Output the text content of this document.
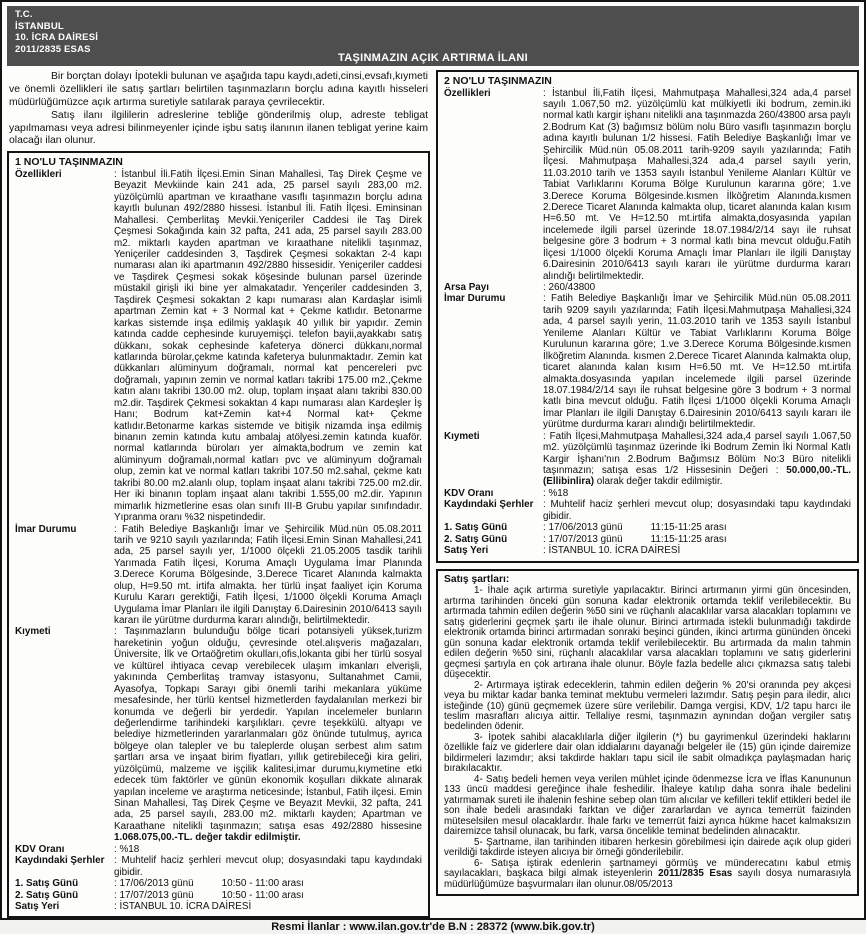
T.C.
İSTANBUL
10. İCRA DAİRESİ
2011/2835 ESAS
TAŞINMAZIN AÇIK ARTIRMA İLANI

Bir borçtan dolayı İpotekli bulunan ve aşağıda tapu kaydı,adeti,cinsi,evsafı,kıymeti ve önemli özellikleri ile satış şartları belirtilen taşınmazların borçlu adına kayıtlı hisseleri müdürlüğümüzce açık artırma suretiyle satılarak paraya çevrilecektir.

Satış ilanı ilgililerin adreslerine tebliğe gönderilmiş olup, adreste tebligat yapılmaması veya adresi bilinmeyenler içinde işbu satış ilanının ilanen tebligat yerine kaim olacağı ilan olunur.

1 NO'LU TAŞINMAZIN
Özellikleri	: İstanbul İli.Fatih İlçesi.Emin Sinan Mahallesi, Taş Direk Çeşme ve Beyazit Mevkiinde kain 241 ada, 25 parsel sayılı 283,00 m2. yüzölçümlü apartman ve kıraathane vasıflı taşınmazın borçlu adına kayıtlı bulunan 492/2880 hissesi. İstanbul İli. Fatih İlçesi. Eminsinan Mahallesi. Çemberlitaş Mevkii.Yeniçeriler Caddesi ile Taş Direk Çeşmesi Sokağında kain 32 pafta, 241 ada, 25 parsel sayılı 283.00 m2. miktarlı kayden apartman ve kıraathane nitelikli taşınmaz, Yeniçeriler caddesinden 3, Taşdirek Çeşmesi sokaktan 2-4 kapı numarası alan iki apartmanın 492/2880 hissesidir. Yeniçeriler caddesi ve Taşdirek Çeşmesi sokak köşesinde bulunan parsel üzerinde müstakil girişli iki bine yer almakatadır. Yençeriler caddesinden 3, Taşdirek Çeşmesi sokaktan 2 kapı numarası alan Kardaşlar isimli apartman Zemin kat + 3 Normal kat + Çekme katlıdır. Betonarme karkas sistemde inşa edilmiş yaklaşık 40 yıllık bir yapıdır. Zemin katında cadde cephesinde kuruyemişçi. telefon bayii,ayakkabı satış dükkanı, sokak cephesinde kafeterya dönerci dükkanı,normal katlarında bürolar,çekme katında kafeterya bulunmaktadır. Zemin kat dükkanları alüminyum doğramalı, normal kat pencereleri pvc doğramalı, yapının zemin ve normal katları takribi 175.00 m2.,Çekme katın alanı takribi 130.00 m2. olup, toplam inşaat alanı takribi 830.00 m2.dir. Taşdirek Çekmesi sokaktan 4 kapı numarası alan Kardeşler İş Hanı; Bodrum kat+Zemin kat+4 Normal kat+ Çekme katlıdır.Betonarme karkas sistemde ve bitişik nizamda inşa edilmiş binanın zemin katında kutu ambalaj atölyesi.zemin katında kuaför. normal katlarında büroları yer almakta,bodrum ve zemin kat alüminyum doğramalı,normal katları pvc ve alüminyum doğramalı olup, zemin kat ve normal katları takribi 107.50 m2.sahal, çekme katı takribi 80.00 m2.alanlı olup, toplam inşaat alanı takribi 725.00 m2.dir. Her iki binanın toplam inşaat alanı takribi 1.555,00 m2.dir. Yapının mimarlık hizmetlerine esas olan sınıfı III-B Grubu yapılar sınıfındadır. Yıpranma oranı %32 nispetindedir.
İmar Durumu	: Fatih Belediye Başkanlığı İmar ve Şehircilik Müd.nün 05.08.2011 tarih ve 9210 sayılı yazılarında; Fatih İlçesi.Emin Sinan Mahallesi,241 ada, 25 parsel sayılı yer, 1/1000 ölçekli 21.05.2005 tasdik tarihli Yarımada Fatih İlçesi, Koruma Amaçlı Uygulama İmar Planında 3.Derece Koruma Bölgesinde, 3.Derece Ticaret Alanında kalmakta olup, H=9.50 mt. irtifa almakta. her türlü inşat faaliyet için Koruma Kurulu Kararı gerektiği, Fatih İlçesi, 1/1000 ölçekli Koruma Amaçlı Uygulama İmar Planları ile ilgili Danıştay 6.Dairesinin 2010/6413 sayılı kararı ile yürütme durdurma kararı alındığı, belirtilmektedir.
Kıymeti	: Taşınmazların bulunduğu bölge ticari potansiyeli yüksek,turizm hareketinin yoğun olduğu, çevresinde otel.alışveris mağazaları, Üniversite, İlk ve Ortaöğretim okulları,ofis,lokanta gibi her türlü sosyal ve kültürel ihtiyaca cevap verebilecek ulaşım imkanları elverişli, yakınında Çemberlitaş tramvay istasyonu, Sultanahmet Camii, Ayasofya, Topkapı Sarayı gibi önemli tarihi mekanlara yüküme mesafesinde, her türlü kentsel hizmetlerden faydalanılan merkezi bir konumda ve değerli bir yerdedir. Yapılan incelemeler bunların değerlendirme tarihindeki karşılıkları. çevre teşekkülü. altyapı ve belediye hizmetlerinden yararlanmaları göz önünde tutulmuş, ayrıca bölgeye olan talepler ve bu taleplerde oluşan serbest alım satım şartları arsa ve inşaat birim fiyatları, yıllık getirebileceği kira geliri, yüzölçümü, malzeme ve işçilik kalitesi,imar durumu,kıymetine etki edecek tüm faktörler ve günün ekonomik koşulları dikkate alınarak yapılan inceleme ve araştırma neticesinde; İstanbul, Fatih ilçesi. Emin Sinan Mahallesi, Taş Direk Çeşme ve Beyazıt Mevkii, 32 pafta, 241 ada, 25 parsel sayılı, 283.00 m2. miktarlı kayden; Apartman ve Karaathane nitelikli taşınmazın; satışa esas 492/2880 hissesine 1.068.075,00.-TL. değer takdir edilmiştir.
KDV Oranı	: %18
Kaydındaki Şerhler : Muhtelif haciz şerhleri mevcut olup; dosyasındaki tapu kaydındaki gibidir.
1. Satış Günü	: 17/06/2013 günü	10:50 - 11:00 arası
2. Satış Günü	: 17/07/2013 günü	10:50 - 11:00 arası
Satış Yeri	: İSTANBUL 10. İCRA DAİRESİ
2 NO'LU TAŞINMAZIN
Özellikleri	: İstanbul İli,Fatih İlçesi, Mahmutpaşa Mahallesi,324 ada,4 parsel sayılı 1.067,50 m2. yüzölçümlü kat mülkiyetli iki bodrum, zemin.iki normal katlı kargir işhanı nitelikli ana taşınmazda 260/43800 arsa paylı 2.Bodrum Kat (3) bağımsız bölüm nolu Büro vasıflı taşınmazın borçlu adına kayıtlı bulunan 1/2 hissesi. Fatih Belediye Başkanlığı İmar ve Şehircilik Müd.nün 05.08.2011 tarih-9209 sayılı yazılarında; Fatih İlçesi. Mahmutpaşa Mahallesi,324 ada,4 parsel sayılı yerin, 11.03.2010 tarih ve 1353 sayılı İstanbul Yenileme Alanları Kültür ve Tabiat Varlıklarını Koruma Bölge Kurulunun kararına göre; 1.ve 3.Derece Koruma Bölgesinde.kısmen İlköğretim Alanında.kısmen 2.Derece Ticaret Alanında kalmakta olup, ticaret alanında kalan kısım H=6.50 mt. Ve H=12.50 mt.irtifa almakta,dosyasında yapılan incelemede ilgili parsel üzerinde 18.07.1984/2/14 sayı ile ruhsat belgesine göre 3 bodrum + 3 normal katlı bina mevcut olduğu.Fatih İlçesi 1/1000 ölçekli Koruma Amaçlı İmar Planları ile ilgili Danıştay 6.Dairesinin 2010/6413 sayılı kararı ile yürütme durdurma kararı alındığı belirtilmektedir.
Arsa Payı	: 260/43800
İmar Durumu	: Fatih Belediye Başkanlığı İmar ve Şehircilik Müd.nün 05.08.2011 tarih 9209 sayılı yazılarında; Fatih İlçesi.Mahmutpaşa Mahallesi,324 ada, 4 parsel sayılı yerin, 11.03.2010 tarih ve 1353 sayılı İstanbul Yenileme Alanları Kültür ve Tabiat Varlıklarını Koruma Bölge Kurulunun kararına göre; 1.ve 3.Derece Koruma Bölgesinde.kısmen İlköğretim Alanında. kısmen 2.Derece Ticaret Alanında kalmakta olup, ticaret alanında kalan kısım H=6.50 mt. Ve H=12.50 mt.irtifa almakta.dosyasında yapılan incelemede ilgili parsel üzerinde 18.07.1984/2/14 sayı ile ruhsat belgesine göre 3 bodrum + 3 normal katlı bina mevcut olduğu. Fatih İlçesi 1/1000 ölçekli Koruma Amaçlı İmar Planları ile ilgili Danıştay 6.Dairesinin 2010/6413 sayılı kararı ile yürütme durdurma kararı alındığı belirtilmektedir.
Kıymeti	: Fatih İlçesi,Mahmutpaşa Mahallesi,324 ada,4 parsel sayılı 1.067,50 m2. yüzölçümlü taşınmaz üzerinde İki Bodrum Zemin İki Normal Katlı Kargir İşhanı'nın 2.Bodrum Bağımsız Bölüm No:3 Büro nitelikli taşınmazın; satışa esas 1/2 Hissesinin Değeri : 50.000,00.-TL.(Ellibinlira) olarak değer takdir edilmiştir.
KDV Oranı	: %18
Kaydındaki Şerhler : Muhtelif haciz şerhleri mevcut olup; dosyasındaki tapu kaydındaki gibidir.
1. Satış Günü	: 17/06/2013 günü	11:15-11:25 arası
2. Satış Günü	: 17/07/2013 günü	11:15-11:25 arası
Satış Yeri	: İSTANBUL 10. İCRA DAİRESİ
Satış şartları:

1- İhale açık artırma suretiyle yapılacaktır. Birinci artırmanın yirmi gün öncesinden, artırma tarihinden önceki gün sonuna kadar elektronik ortamda teklif verilebilecektir. Bu artırmada tahmin edilen değerin %50 sini ve rüçhanlı alacaklılar varsa alacakları toplamını ve satış giderlerini geçmek şartı ile ihale olunur. Birinci artırmada istekli bulunmadığı takdirde elektronik ortamda birinci artırmadan sonraki beşinci günden, ikinci artırma gününden önceki gün sonuna kadar elektronik ortamda teklif verilebilecektir. Bu artırmada da malın tahmin edilen değerin %50 sini, rüçhanlı alacaklılar varsa alacakları toplamını ve satış giderlerini geçmesi şartıyla en çok artırana ihale olunur. Böyle fazla bedelle alıcı çıkmazsa satış talebi düşecektir.

2- Artırmaya iştirak edeceklerin, tahmin edilen değerin % 20'si oranında pey akçesi veya bu miktar kadar banka teminat mektubu vermeleri lazımdır. Satış peşin para iledir, alıcı isteğinde (10) günü geçmemek üzere süre verilebilir. Damga vergisi, KDV, 1/2 tapu harcı ile teslim masrafları alıcıya aittir. Tellaliye resmi, taşınmazın aynından doğan vergiler satış bedelinden ödenir.

3- İpotek sahibi alacaklılarla diğer ilgilerin (*) bu gayrimenkul üzerindeki haklarını özellikle faiz ve giderlere dair olan iddialarını dayanağı belgeler ile (15) gün içinde dairemize bildirmeleri lazımdır; aksi takdirde hakları tapu sicil ile sabit olmadıkça paylaşmadan hariç bırakılacaktır.

4- Satış bedeli hemen veya verilen mühlet içinde ödenmezse İcra ve İflas Kanununun 133 üncü maddesi gereğince ihale feshedilir. İhaleye katılıp daha sonra ihale bedelini yatırmamak sureti ile ihalenin feshine sebep olan tüm alıcılar ve kefilleri teklif ettikleri bedel ile son ihale bedeli arasındaki farktan ve diğer zararlardan ve ayrıca temerrüt faizinden müteselsilen mesul olacaklardır. İhale farkı ve temerrüt faizi ayrıca hükme hacet kalmaksızın dairemizce tahsil olunacak, bu fark, varsa öncelikle teminat bedelinden alınacaktır.

5- Şartname, ilan tarihinden itibaren herkesin görebilmesi için dairede açık olup gideri verildiği takdirde isteyen alıcıya bir örneği gönderilebilir.

6- Satışa iştirak edenlerin şartnameyi görmüş ve münderecatını kabul etmiş sayılacakları, başkaca bilgi almak isteyenlerin 2011/2835 Esas sayılı dosya numarasıyla müdürlüğümüze başvurmaları ilan olunur.08/05/2013

Resmi İlanlar : www.ilan.gov.tr'de B.N : 28372 (www.bik.gov.tr)
